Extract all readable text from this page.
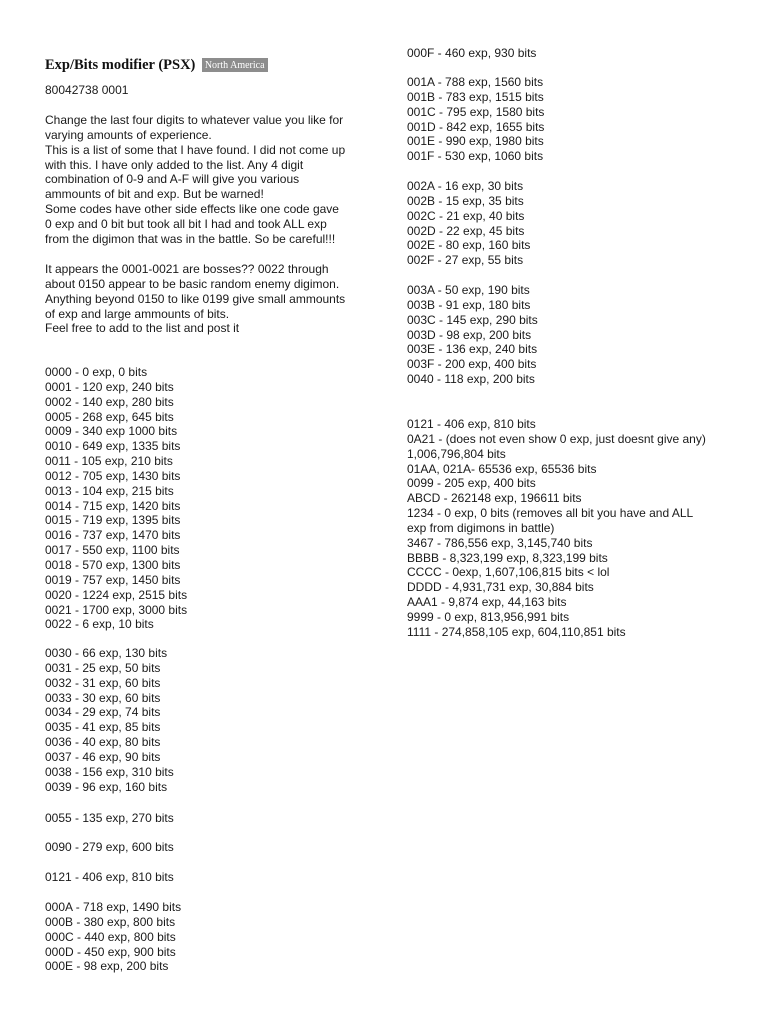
Exp/Bits modifier (PSX) North America
80042738 0001
Change the last four digits to whatever value you like for
varying amounts of experience.
This is a list of some that I have found. I did not come up
with this. I have only added to the list. Any 4 digit
combination of 0-9 and A-F will give you various
ammounts of bit and exp. But be warned!
Some codes have other side effects like one code gave
0 exp and 0 bit but took all bit I had and took ALL exp
from the digimon that was in the battle. So be careful!!!
It appears the 0001-0021 are bosses?? 0022 through
about 0150 appear to be basic random enemy digimon.
Anything beyond 0150 to like 0199 give small ammounts
of exp and large ammounts of bits.
Feel free to add to the list and post it
0000 - 0 exp, 0 bits
0001 - 120 exp, 240 bits
0002 - 140 exp, 280 bits
0005 - 268 exp, 645 bits
0009 - 340 exp 1000 bits
0010 - 649 exp, 1335 bits
0011 - 105 exp, 210 bits
0012 - 705 exp, 1430 bits
0013 - 104 exp, 215 bits
0014 - 715 exp, 1420 bits
0015 - 719 exp, 1395 bits
0016 - 737 exp, 1470 bits
0017 - 550 exp, 1100 bits
0018 - 570 exp, 1300 bits
0019 - 757 exp, 1450 bits
0020 - 1224 exp, 2515 bits
0021 - 1700 exp, 3000 bits
0022 - 6 exp, 10 bits
0030 - 66 exp, 130 bits
0031 - 25 exp, 50 bits
0032 - 31 exp, 60 bits
0033 - 30 exp, 60 bits
0034 - 29 exp, 74 bits
0035 - 41 exp, 85 bits
0036 - 40 exp, 80 bits
0037 - 46 exp, 90 bits
0038 - 156 exp, 310 bits
0039 - 96 exp, 160 bits
0055 - 135 exp, 270 bits
0090 - 279 exp, 600 bits
0121 - 406 exp, 810 bits
000A - 718 exp, 1490 bits
000B - 380 exp, 800 bits
000C - 440 exp, 800 bits
000D - 450 exp, 900 bits
000E - 98 exp, 200 bits
000F - 460 exp, 930 bits
001A - 788 exp, 1560 bits
001B - 783 exp, 1515 bits
001C - 795 exp, 1580 bits
001D - 842 exp, 1655 bits
001E - 990 exp, 1980 bits
001F - 530 exp, 1060 bits
002A - 16 exp, 30 bits
002B - 15 exp, 35 bits
002C - 21 exp, 40 bits
002D - 22 exp, 45 bits
002E - 80 exp, 160 bits
002F - 27 exp, 55 bits
003A - 50 exp, 190 bits
003B - 91 exp, 180 bits
003C - 145 exp, 290 bits
003D - 98 exp, 200 bits
003E - 136 exp, 240 bits
003F - 200 exp, 400 bits
0040 - 118 exp, 200 bits
0121 - 406 exp, 810 bits
0A21 - (does not even show 0 exp, just doesnt give any)
1,006,796,804 bits
01AA, 021A- 65536 exp, 65536 bits
0099 - 205 exp, 400 bits
ABCD - 262148 exp, 196611 bits
1234 - 0 exp, 0 bits (removes all bit you have and ALL
exp from digimons in battle)
3467 - 786,556 exp, 3,145,740 bits
BBBB - 8,323,199 exp, 8,323,199 bits
CCCC - 0exp, 1,607,106,815 bits < lol
DDDD - 4,931,731 exp, 30,884 bits
AAA1 - 9,874 exp, 44,163 bits
9999 - 0 exp, 813,956,991 bits
1111 - 274,858,105 exp, 604,110,851 bits
